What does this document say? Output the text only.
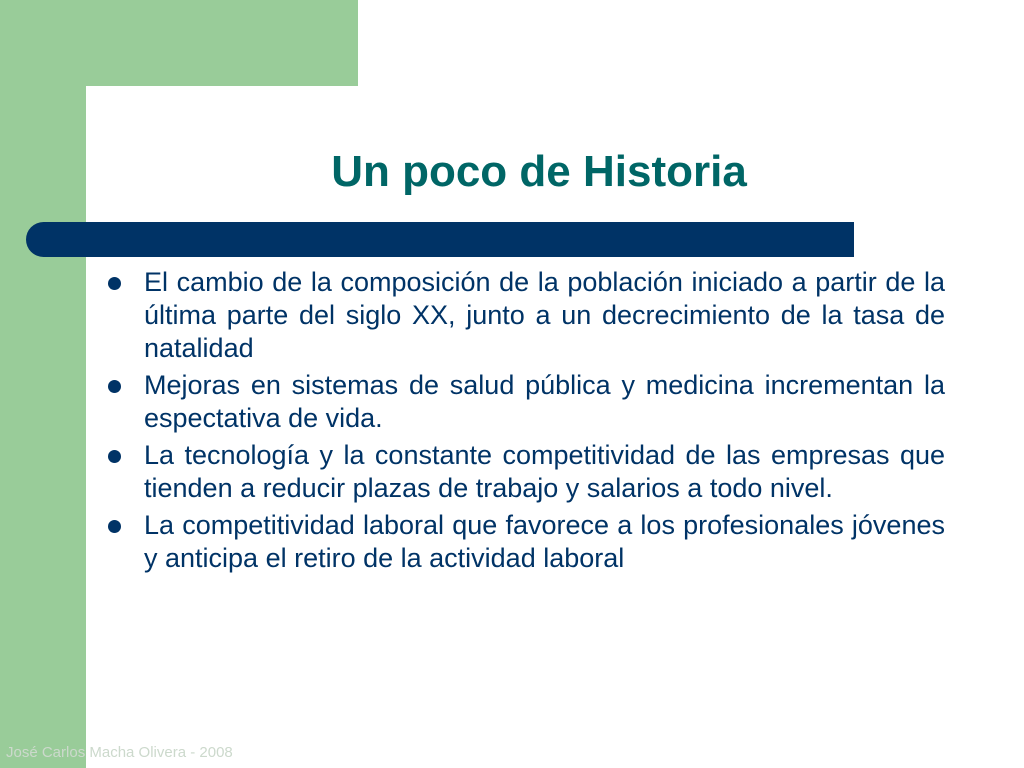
Un poco de Historia
El cambio de la composición de la población iniciado a partir de la última parte del siglo XX, junto a un decrecimiento de la tasa de natalidad
Mejoras en sistemas de salud pública y medicina incrementan la espectativa de vida.
La tecnología y la constante competitividad de las empresas que tienden a reducir plazas de trabajo y salarios a todo nivel.
La competitividad laboral que favorece a los profesionales jóvenes y anticipa el retiro de la actividad laboral
José Carlos Macha Olivera - 2008
